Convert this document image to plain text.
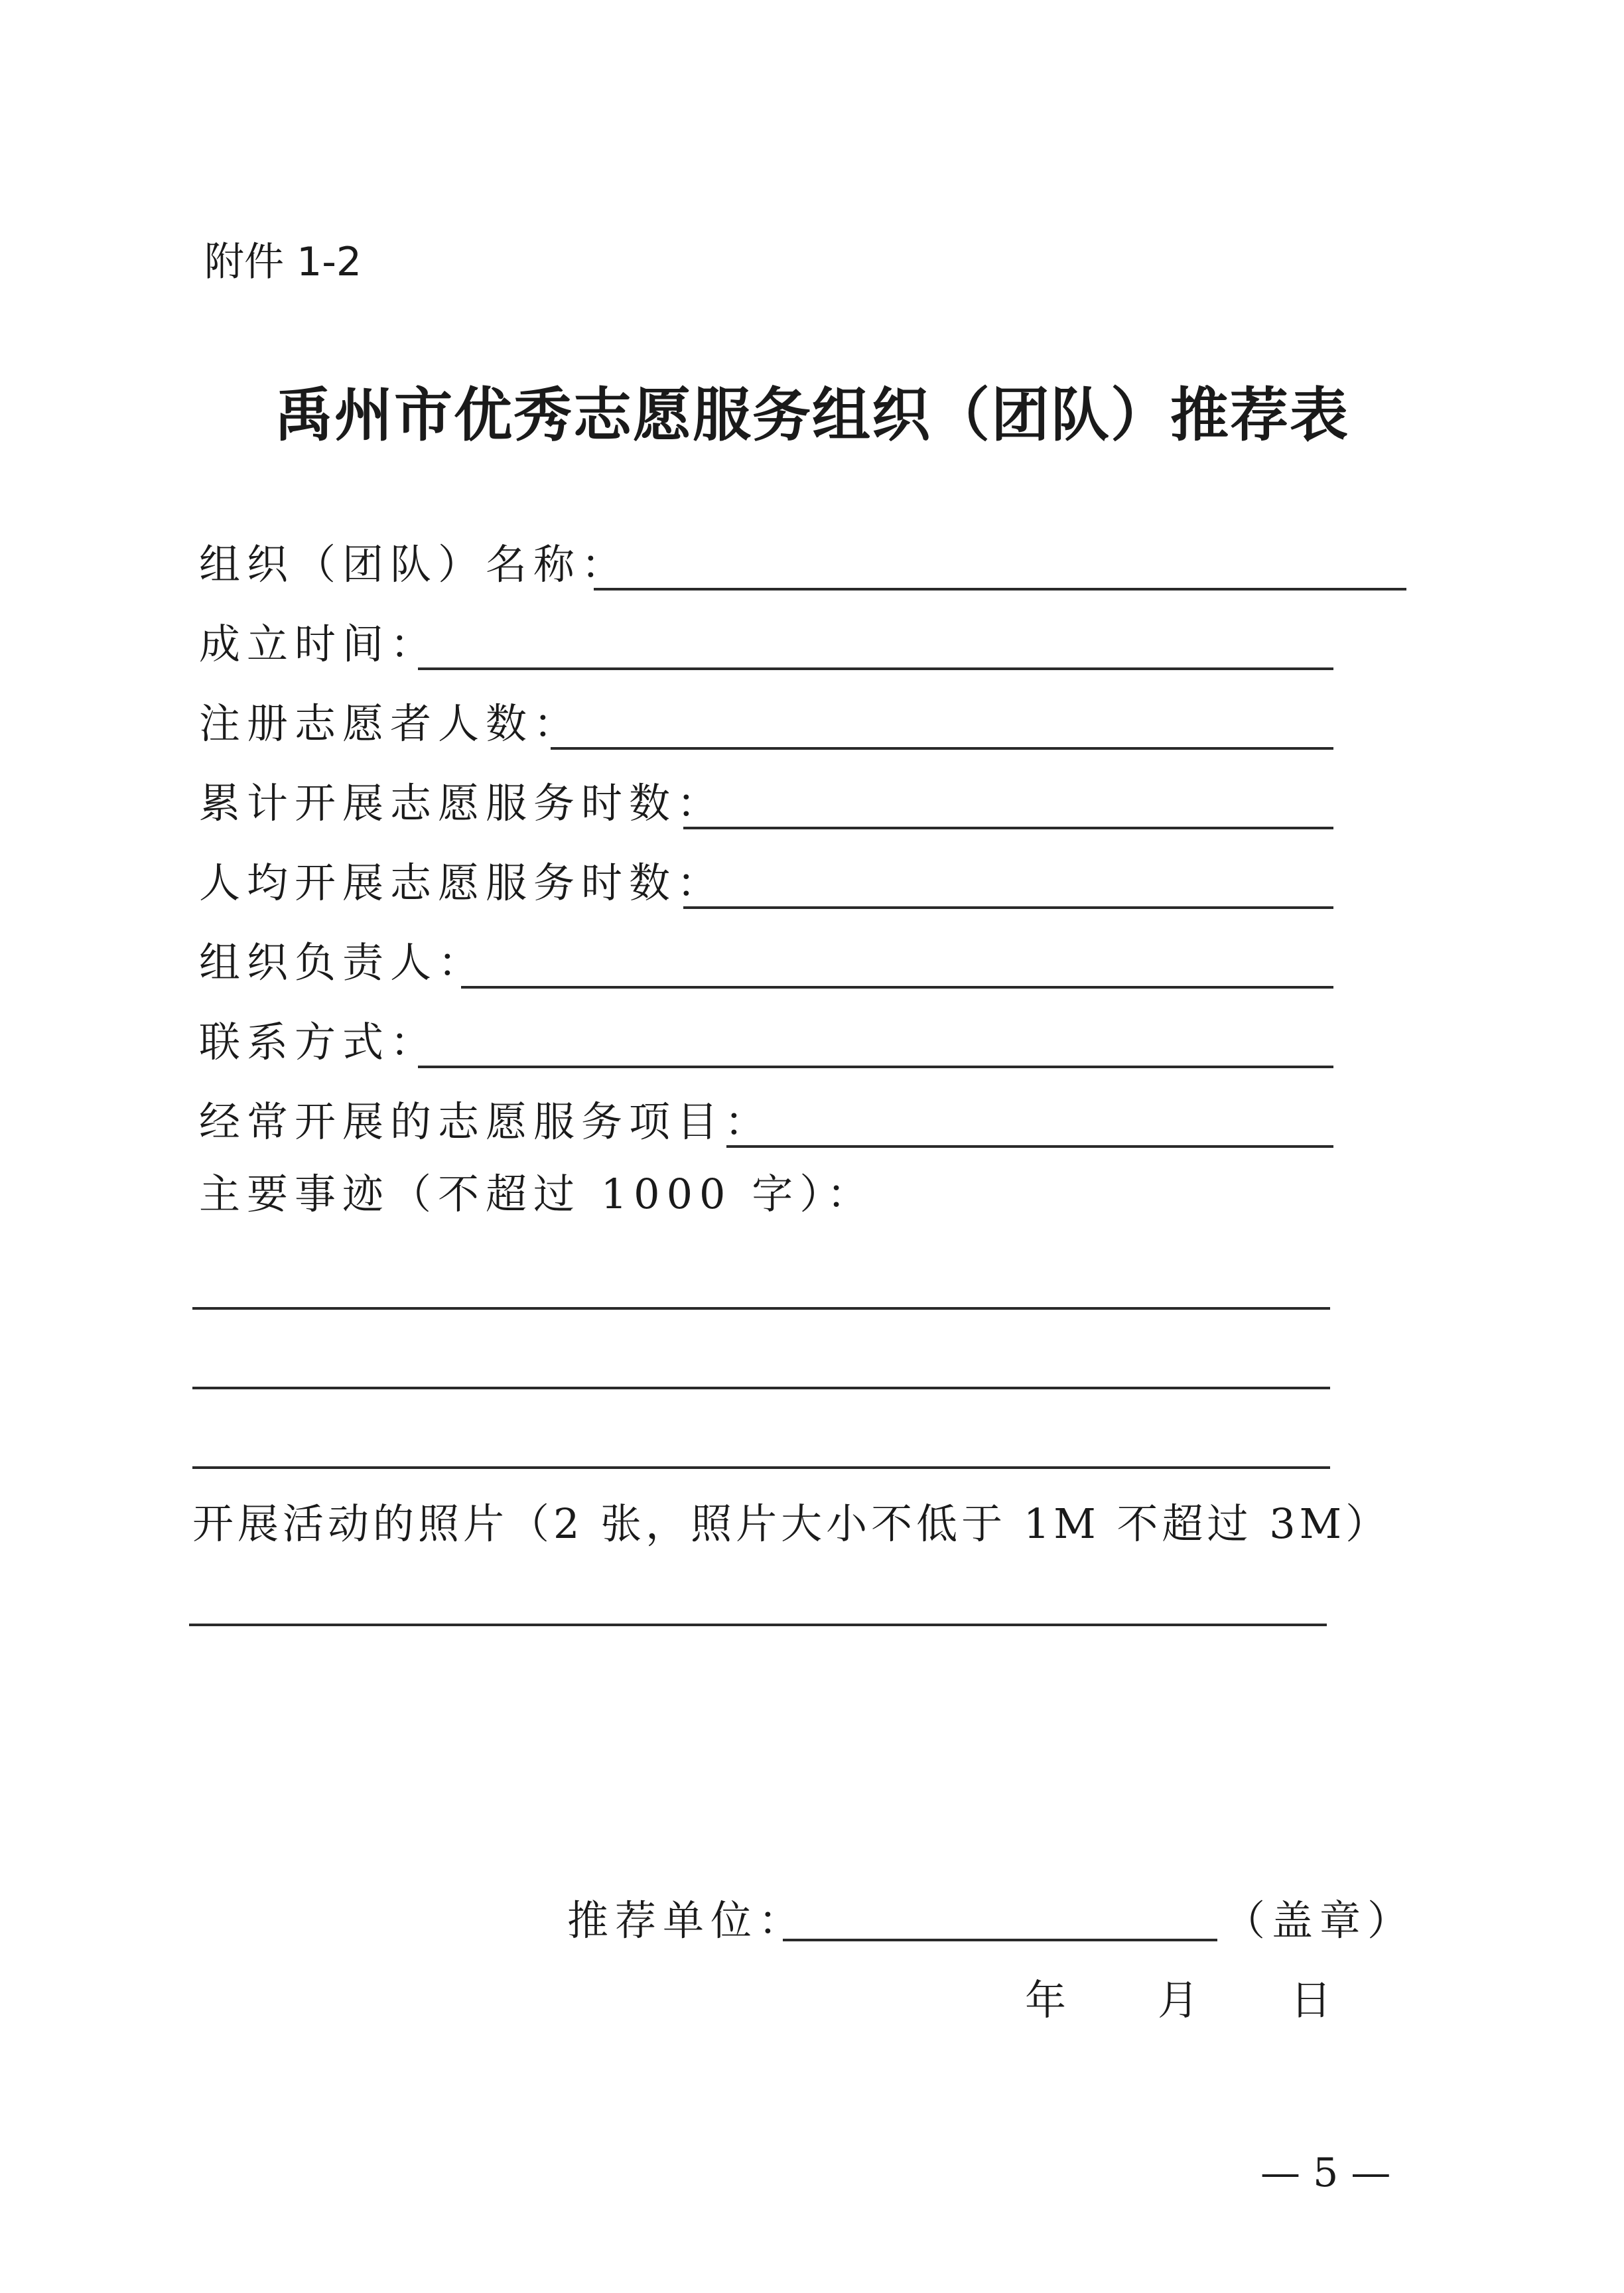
附件 1-2
禹州市优秀志愿服务组织（团队）推荐表
组织（团队）名称：
成立时间：
注册志愿者人数：
累计开展志愿服务时数：
人均开展志愿服务时数：
组织负责人：
联系方式：
经常开展的志愿服务项目：
主要事迹（不超过 1000 字）：
开展活动的照片（2 张，照片大小不低于 1M 不超过 3M）
推荐单位：	（盖章）
年 月 日
— 5 —
